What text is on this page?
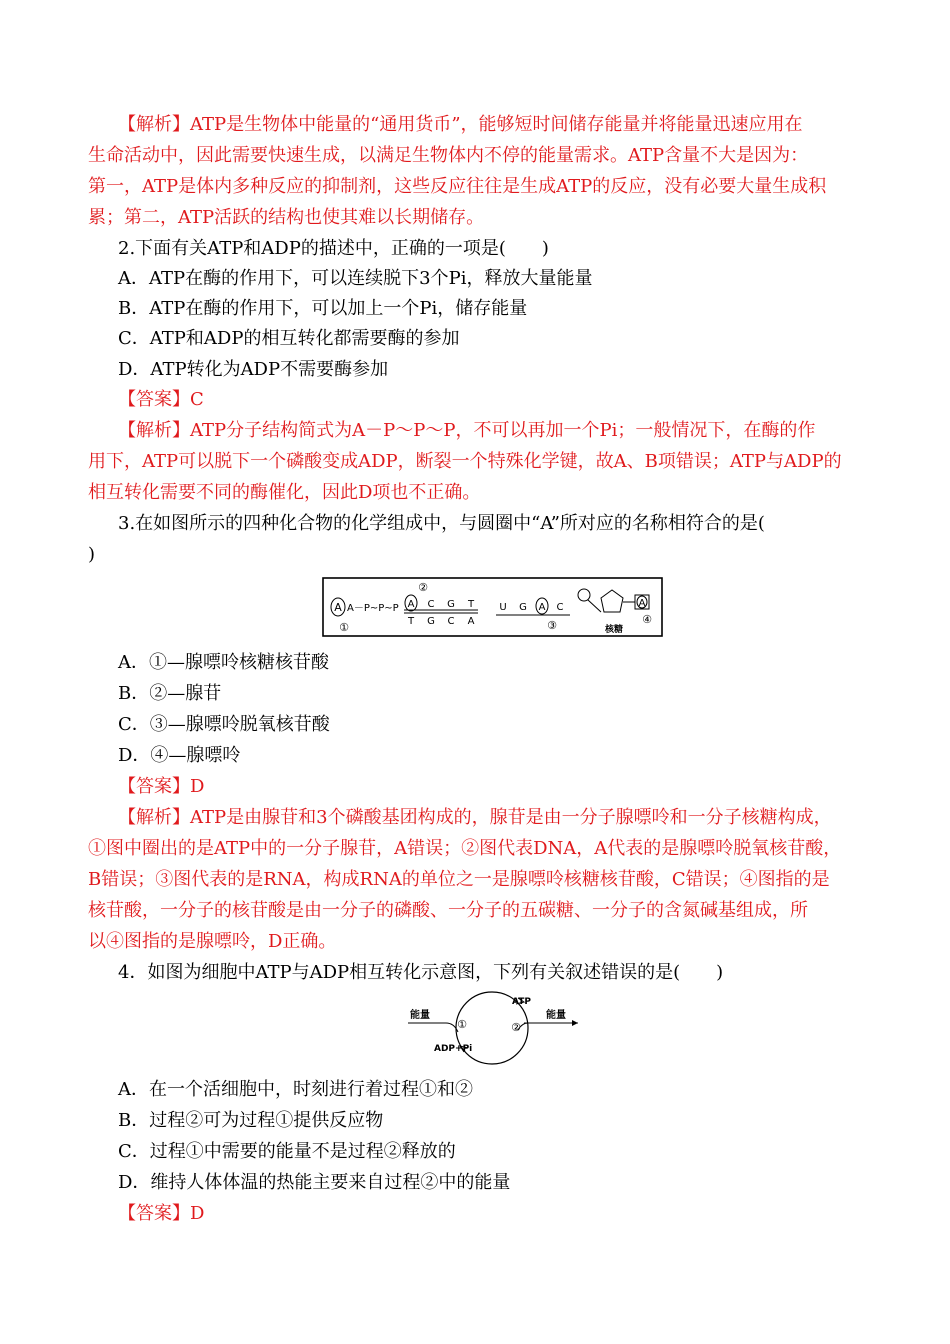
【解析】ATP是生物体中能量的“通用货币”，能够短时间储存能量并将能量迅速应用在
生命活动中，因此需要快速生成，以满足生物体内不停的能量需求。ATP含量不大是因为：
第一，ATP是体内多种反应的抑制剂，这些反应往往是生成ATP的反应，没有必要大量生成积
累；第二，ATP活跃的结构也使其难以长期储存。
2.下面有关ATP和ADP的描述中，正确的一项是(　　)
A．ATP在酶的作用下，可以连续脱下3个Pi，释放大量能量
B．ATP在酶的作用下，可以加上一个Pi，储存能量
C．ATP和ADP的相互转化都需要酶的参加
D．ATP转化为ADP不需要酶参加
【答案】C
【解析】ATP分子结构简式为A－P～P～P，不可以再加一个Pi；一般情况下，在酶的作
用下，ATP可以脱下一个磷酸变成ADP，断裂一个特殊化学键，故A、B项错误；ATP与ADP的
相互转化需要不同的酶催化，因此D项也不正确。
3.在如图所示的四种化合物的化学组成中，与圆圈中“A”所对应的名称相符合的是(
)
A A－P~P~P
①
②
A C G T
T G C A
U G A C
③
A
核糖
④
A．①—腺嘌呤核糖核苷酸
B．②—腺苷
C．③—腺嘌呤脱氧核苷酸
D．④—腺嘌呤
【答案】D
【解析】ATP是由腺苷和3个磷酸基团构成的，腺苷是由一分子腺嘌呤和一分子核糖构成，
①图中圈出的是ATP中的一分子腺苷，A错误；②图代表DNA，A代表的是腺嘌呤脱氧核苷酸，
B错误；③图代表的是RNA，构成RNA的单位之一是腺嘌呤核糖核苷酸，C错误；④图指的是
核苷酸，一分子的核苷酸是由一分子的磷酸、一分子的五碳糖、一分子的含氮碱基组成，所
以④图指的是腺嘌呤，D正确。
4．如图为细胞中ATP与ADP相互转化示意图，下列有关叙述错误的是(　　)
能量	能量
ATP
ADP+Pi
①	②
A．在一个活细胞中，时刻进行着过程①和②
B．过程②可为过程①提供反应物
C．过程①中需要的能量不是过程②释放的
D．维持人体体温的热能主要来自过程②中的能量
【答案】D
